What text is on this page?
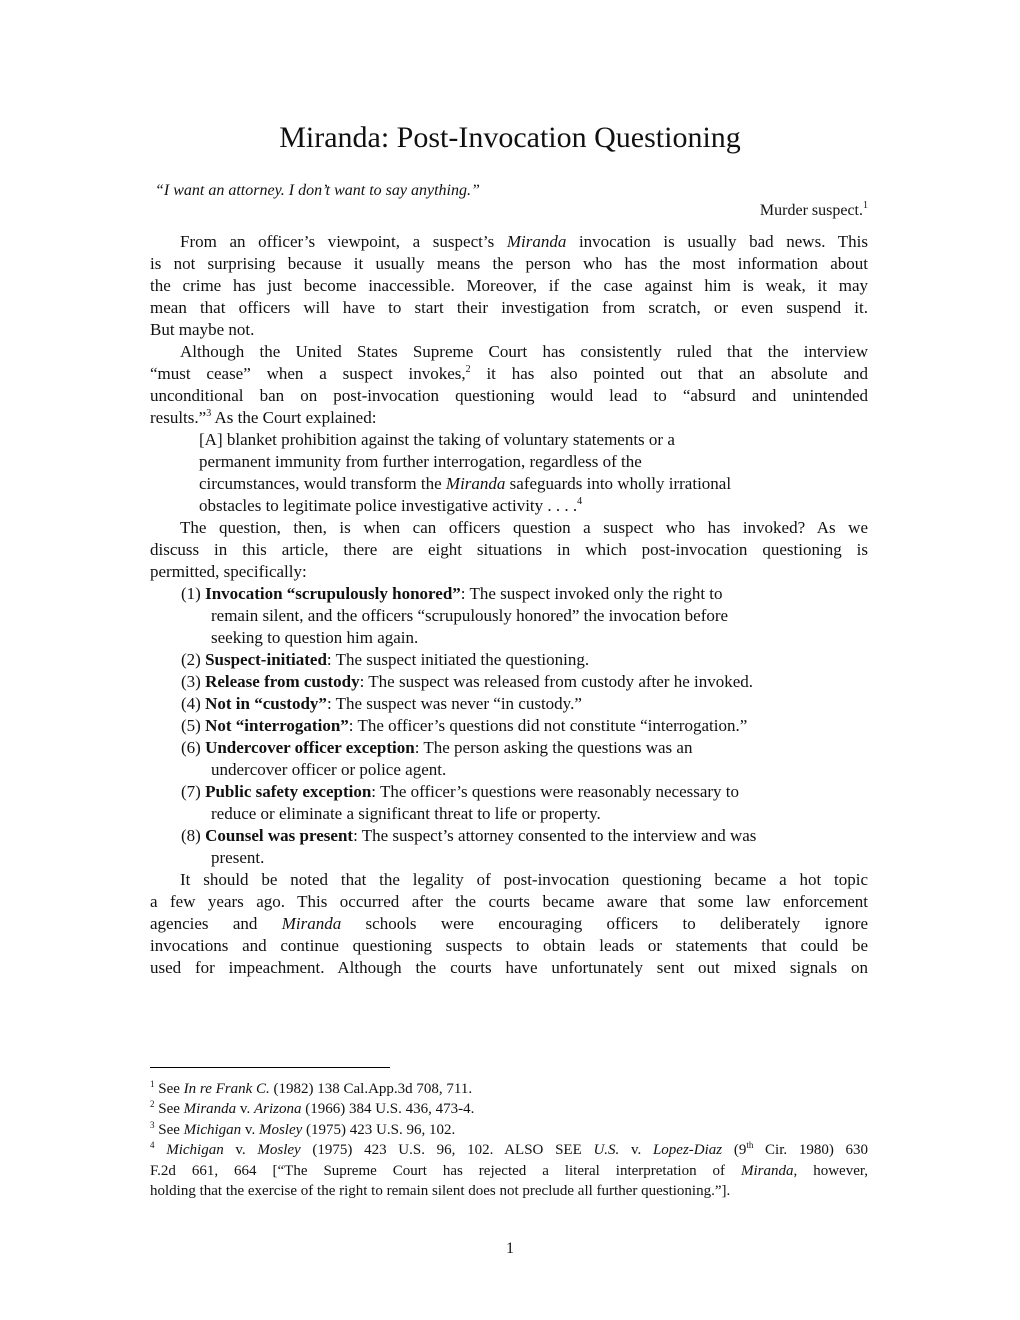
Miranda: Post-Invocation Questioning
“I want an attorney. I don’t want to say anything.”
Murder suspect.$^1$
From an officer’s viewpoint, a suspect’s Miranda invocation is usually bad news. This
is not surprising because it usually means the person who has the most information about
the crime has just become inaccessible. Moreover, if the case against him is weak, it may
mean that officers will have to start their investigation from scratch, or even suspend it.
But maybe not.
Although the United States Supreme Court has consistently ruled that the interview
“must cease” when a suspect invokes,$^2$ it has also pointed out that an absolute and
unconditional ban on post-invocation questioning would lead to “absurd and unintended
results.”$^3$ As the Court explained:
[A] blanket prohibition against the taking of voluntary statements or a
permanent immunity from further interrogation, regardless of the
circumstances, would transform the Miranda safeguards into wholly irrational
obstacles to legitimate police investigative activity . . . .$^4$
The question, then, is when can officers question a suspect who has invoked? As we
discuss in this article, there are eight situations in which post-invocation questioning is
permitted, specifically:
(1) Invocation “scrupulously honored”: The suspect invoked only the right to
remain silent, and the officers “scrupulously honored” the invocation before
seeking to question him again.
(2) Suspect-initiated: The suspect initiated the questioning.
(3) Release from custody: The suspect was released from custody after he invoked.
(4) Not in “custody”: The suspect was never “in custody.”
(5) Not “interrogation”: The officer’s questions did not constitute “interrogation.”
(6) Undercover officer exception: The person asking the questions was an
undercover officer or police agent.
(7) Public safety exception: The officer’s questions were reasonably necessary to
reduce or eliminate a significant threat to life or property.
(8) Counsel was present: The suspect’s attorney consented to the interview and was
present.
It should be noted that the legality of post-invocation questioning became a hot topic
a few years ago. This occurred after the courts became aware that some law enforcement
agencies and Miranda schools were encouraging officers to deliberately ignore
invocations and continue questioning suspects to obtain leads or statements that could be
used for impeachment. Although the courts have unfortunately sent out mixed signals on
$^1$ See In re Frank C. (1982) 138 Cal.App.3d 708, 711.
$^2$ See Miranda v. Arizona (1966) 384 U.S. 436, 473-4.
$^3$ See Michigan v. Mosley (1975) 423 U.S. 96, 102.
$^4$ Michigan v. Mosley (1975) 423 U.S. 96, 102. ALSO SEE U.S. v. Lopez-Diaz (9th Cir. 1980) 630
F.2d 661, 664 [“The Supreme Court has rejected a literal interpretation of Miranda, however,
holding that the exercise of the right to remain silent does not preclude all further questioning.”].
1
